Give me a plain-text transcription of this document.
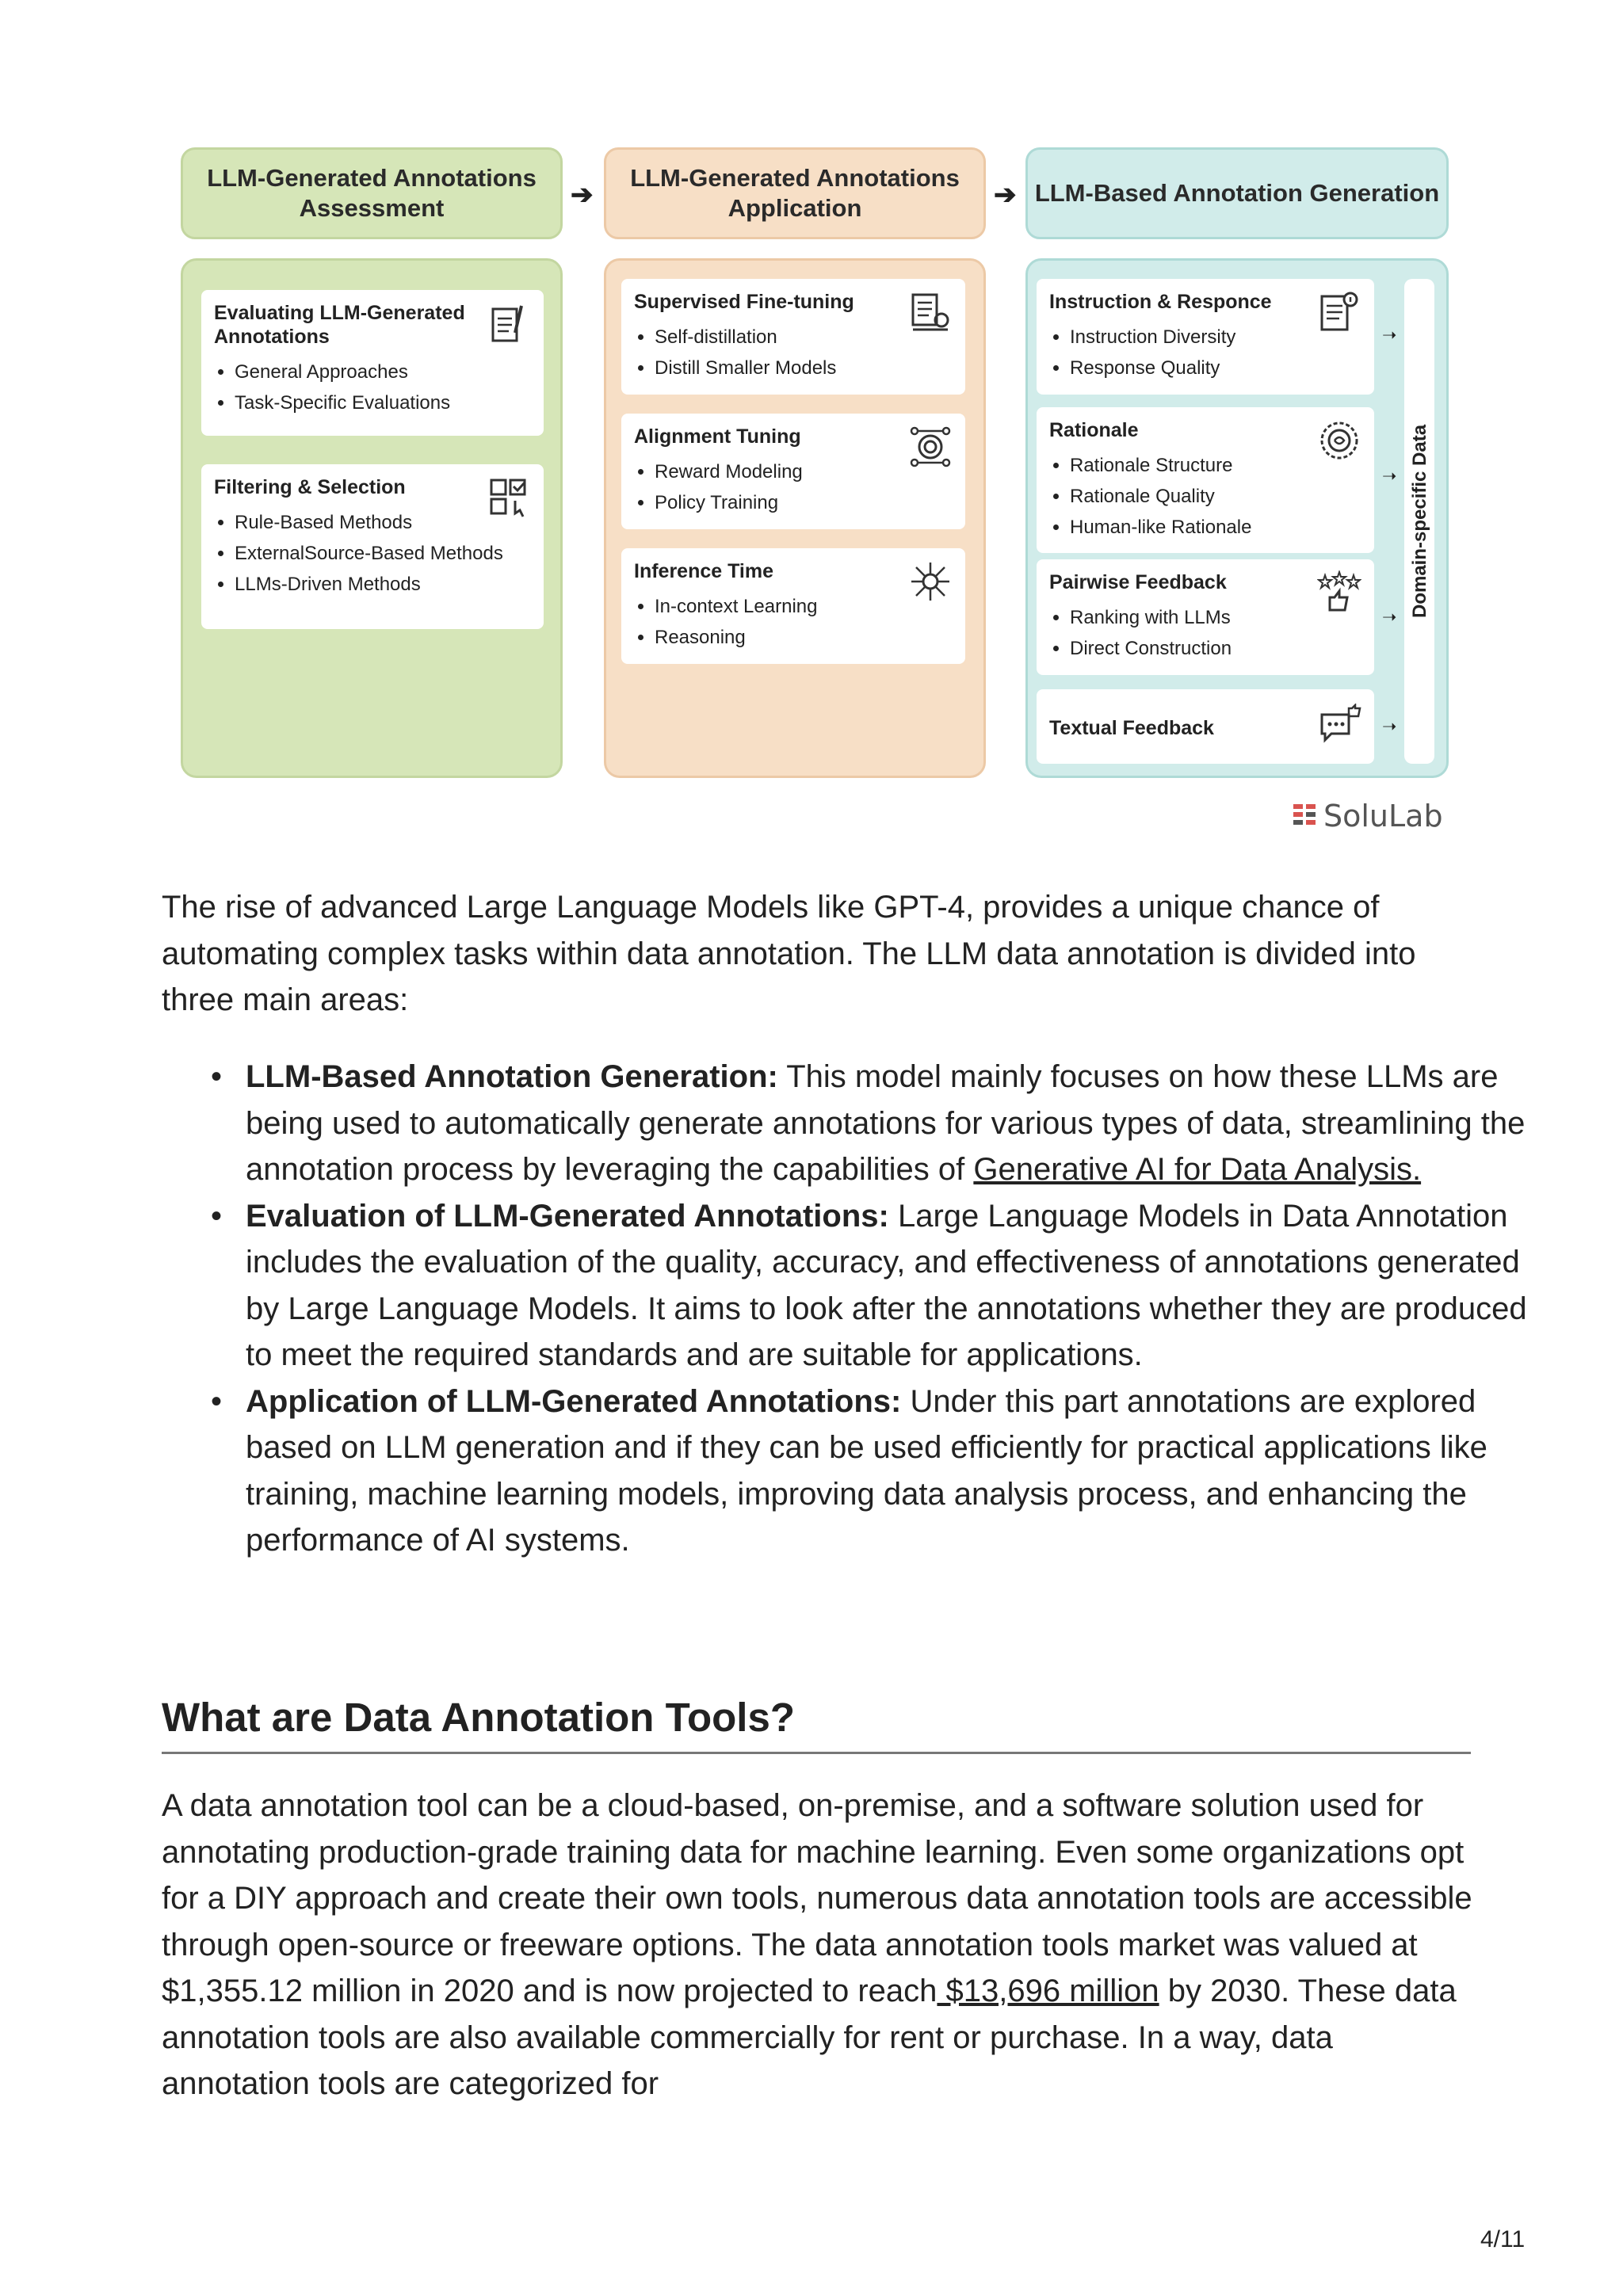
LLM-Generated Annotations Assessment	➔
LLM-Generated Annotations Application	➔ LLM-Based Annotation Generation
Evaluating LLM-Generated Annotations
• General Approaches
• Task-Specific Evaluations
Filtering & Selection
• Rule-Based Methods
• ExternalSource-Based Methods
• LLMs-Driven Methods
Supervised Fine-tuning
• Self-distillation
• Distill Smaller Models
Alignment Tuning
• Reward Modeling
• Policy Training
Inference Time
• In-context Learning
• Reasoning
Instruction & Responce
• Instruction Diversity
• Response Quality
Rationale
• Rationale Structure
• Rationale Quality
• Human-like Rationale
Pairwise Feedback
• Ranking with LLMs
• Direct Construction
Textual Feedback
➝
➝
➝
➝
Domain-specific Data
SoluLab

The rise of advanced Large Language Models like GPT-4, provides a unique chance of automating complex tasks within data annotation. The LLM data annotation is divided into three main areas:

• LLM-Based Annotation Generation: This model mainly focuses on how these LLMs are being used to automatically generate annotations for various types of data, streamlining the annotation process by leveraging the capabilities of Generative AI for Data Analysis.
• Evaluation of LLM-Generated Annotations: Large Language Models in Data Annotation includes the evaluation of the quality, accuracy, and effectiveness of annotations generated by Large Language Models. It aims to look after the annotations whether they are produced to meet the required standards and are suitable for applications.
• Application of LLM-Generated Annotations: Under this part annotations are explored based on LLM generation and if they can be used efficiently for practical applications like training, machine learning models, improving data analysis process, and enhancing the performance of AI systems.
What are Data Annotation Tools?

A data annotation tool can be a cloud-based, on-premise, and a software solution used for annotating production-grade training data for machine learning. Even some organizations opt for a DIY approach and create their own tools, numerous data annotation tools are accessible through open-source or freeware options. The data annotation tools market was valued at $1,355.12 million in 2020 and is now projected to reach $13,696 million by 2030. These data annotation tools are also available commercially for rent or purchase. In a way, data annotation tools are categorized for

4/11
